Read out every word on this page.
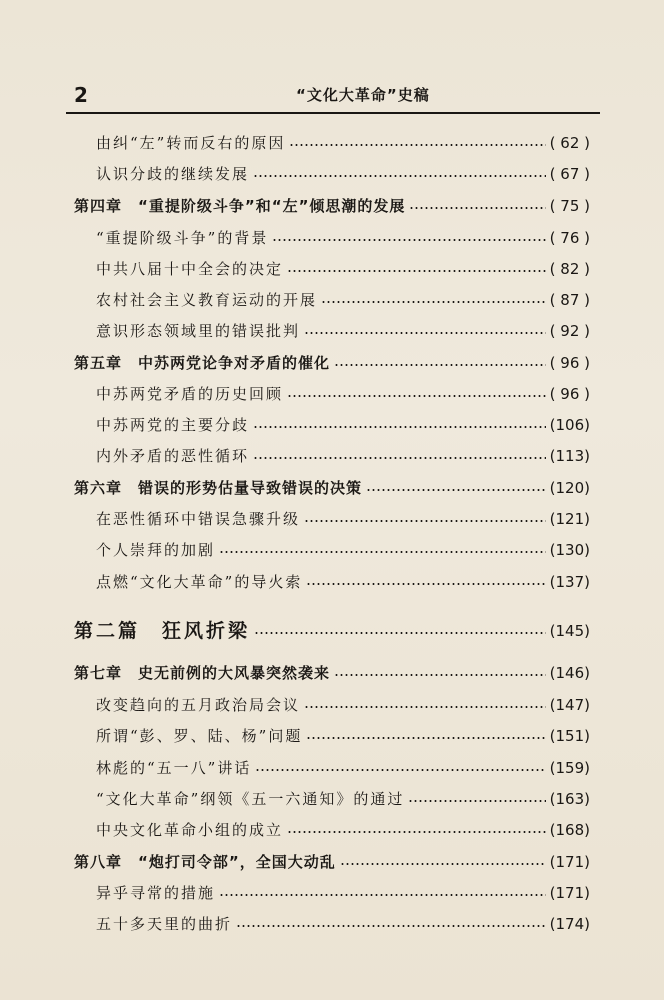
2	“文化大革命”史稿
由纠“左”转而反右的原因	( 62 )
认识分歧的继续发展	( 67 )
第四章　“重提阶级斗争”和“左”倾思潮的发展	( 75 )
“重提阶级斗争”的背景	( 76 )
中共八届十中全会的决定	( 82 )
农村社会主义教育运动的开展	( 87 )
意识形态领域里的错误批判	( 92 )
第五章　中苏两党论争对矛盾的催化	( 96 )
中苏两党矛盾的历史回顾	( 96 )
中苏两党的主要分歧	(106)
内外矛盾的恶性循环	(113)
第六章　错误的形势估量导致错误的决策	(120)
在恶性循环中错误急骤升级	(121)
个人崇拜的加剧	(130)
点燃“文化大革命”的导火索	(137)
第二篇　狂风折梁	(145)
第七章　史无前例的大风暴突然袭来	(146)
改变趋向的五月政治局会议	(147)
所谓“彭、罗、陆、杨”问题	(151)
林彪的“五一八”讲话	(159)
“文化大革命”纲领《五一六通知》的通过	(163)
中央文化革命小组的成立	(168)
第八章　“炮打司令部”，全国大动乱	(171)
异乎寻常的措施	(171)
五十多天里的曲折	(174)
